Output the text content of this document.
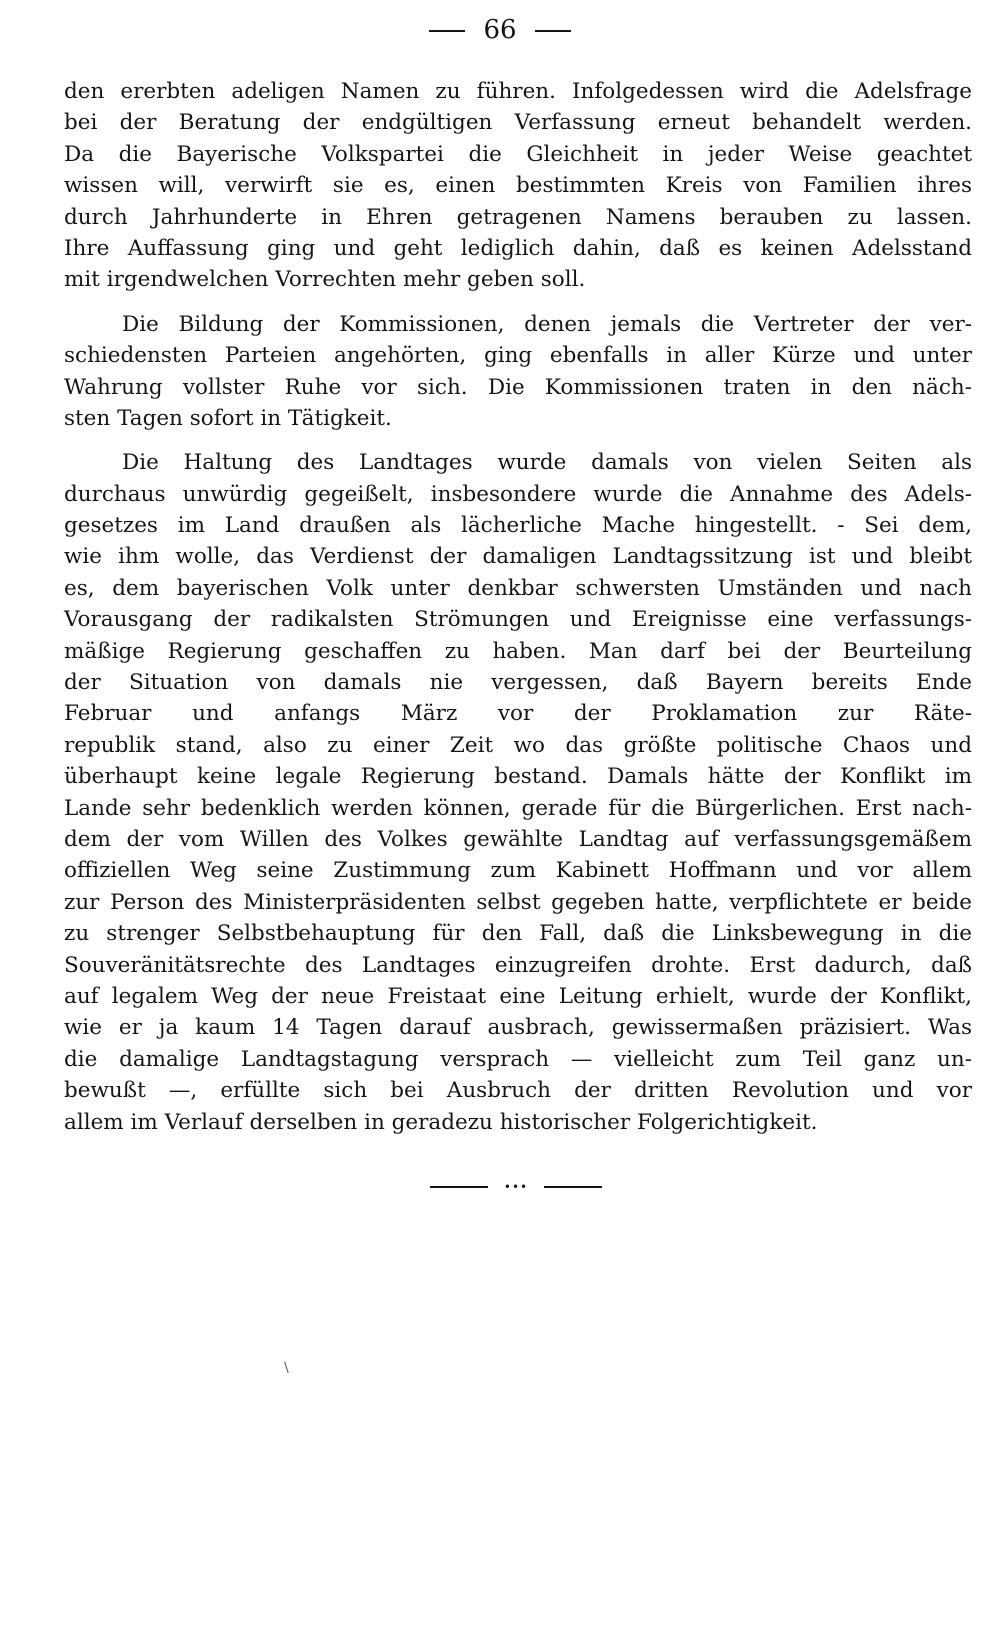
66
den ererbten adeligen Namen zu führen. Infolgedessen wird die Adelsfrage
bei der Beratung der endgültigen Verfassung erneut behandelt werden.
Da die Bayerische Volkspartei die Gleichheit in jeder Weise geachtet
wissen will, verwirft sie es, einen bestimmten Kreis von Familien ihres
durch Jahrhunderte in Ehren getragenen Namens berauben zu lassen.
Ihre Auffassung ging und geht lediglich dahin, daß es keinen Adelsstand
mit irgendwelchen Vorrechten mehr geben soll.
Die Bildung der Kommissionen, denen jemals die Vertreter der ver-
schiedensten Parteien angehörten, ging ebenfalls in aller Kürze und unter
Wahrung vollster Ruhe vor sich. Die Kommissionen traten in den näch-
sten Tagen sofort in Tätigkeit.
Die Haltung des Landtages wurde damals von vielen Seiten als
durchaus unwürdig gegeißelt, insbesondere wurde die Annahme des Adels-
gesetzes im Land draußen als lächerliche Mache hingestellt. - Sei dem,
wie ihm wolle, das Verdienst der damaligen Landtagssitzung ist und bleibt
es, dem bayerischen Volk unter denkbar schwersten Umständen und nach
Vorausgang der radikalsten Strömungen und Ereignisse eine verfassungs-
mäßige Regierung geschaffen zu haben. Man darf bei der Beurteilung
der Situation von damals nie vergessen, daß Bayern bereits Ende
Februar und anfangs März vor der Proklamation zur Räte-
republik stand, also zu einer Zeit wo das größte politische Chaos und
überhaupt keine legale Regierung bestand. Damals hätte der Konflikt im
Lande sehr bedenklich werden können, gerade für die Bürgerlichen. Erst nach-
dem der vom Willen des Volkes gewählte Landtag auf verfassungsgemäßem
offiziellen Weg seine Zustimmung zum Kabinett Hoffmann und vor allem
zur Person des Ministerpräsidenten selbst gegeben hatte, verpflichtete er beide
zu strenger Selbstbehauptung für den Fall, daß die Linksbewegung in die
Souveränitätsrechte des Landtages einzugreifen drohte. Erst dadurch, daß
auf legalem Weg der neue Freistaat eine Leitung erhielt, wurde der Konflikt,
wie er ja kaum 14 Tagen darauf ausbrach, gewissermaßen präzisiert. Was
die damalige Landtagstagung versprach — vielleicht zum Teil ganz un-
bewußt —, erfüllte sich bei Ausbruch der dritten Revolution und vor
allem im Verlauf derselben in geradezu historischer Folgerichtigkeit.
•••
\
